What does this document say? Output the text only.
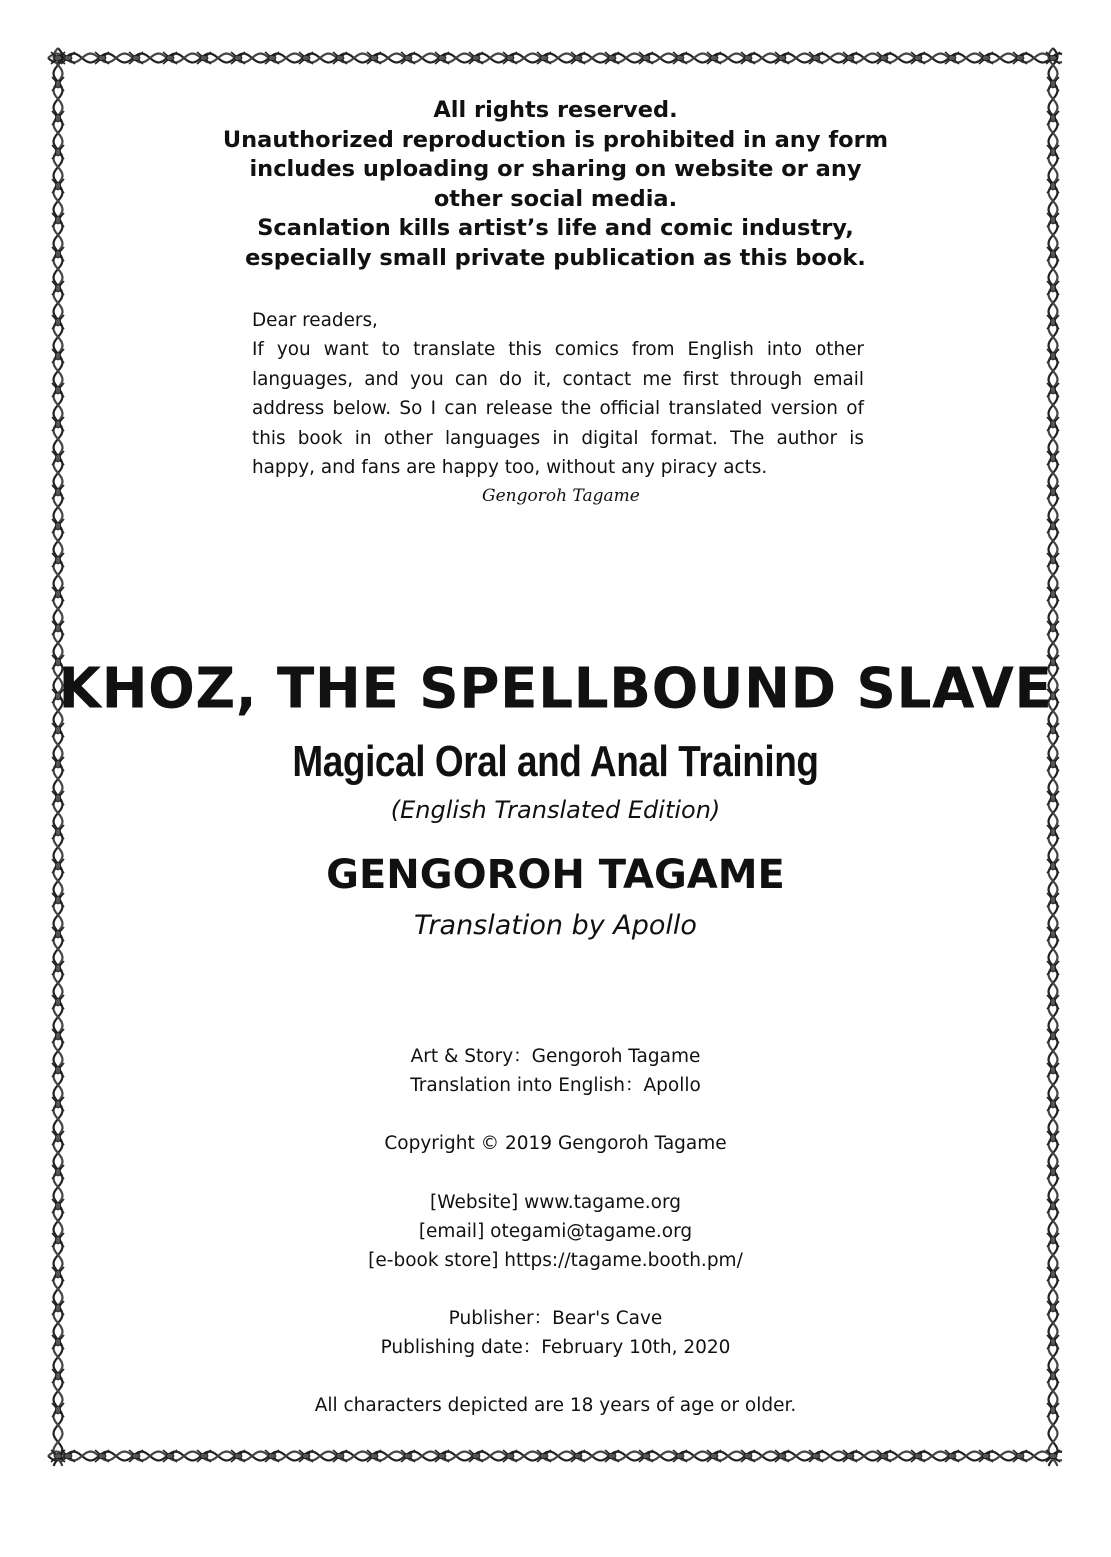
All rights reserved.
Unauthorized reproduction is prohibited in any form
includes uploading or sharing on website or any
other social media.
Scanlation kills artist’s life and comic industry,
especially small private publication as this book.
Dear readers,
If you want to translate this comics from English into other languages, and you can do it, contact me first through email address below. So I can release the official translated version of this book in other languages in digital format. The author is happy, and fans are happy too, without any piracy acts.
Gengoroh Tagame
KHOZ, THE SPELLBOUND SLAVE
Magical Oral and Anal Training
(English Translated Edition)
GENGOROH TAGAME
Translation by Apollo
Art & Story：Gengoroh Tagame
Translation into English：Apollo
Copyright © 2019 Gengoroh Tagame
[Website] www.tagame.org
[email] otegami@tagame.org
[e-book store] https://tagame.booth.pm/
Publisher：Bear's Cave
Publishing date：February 10th, 2020
All characters depicted are 18 years of age or older.
